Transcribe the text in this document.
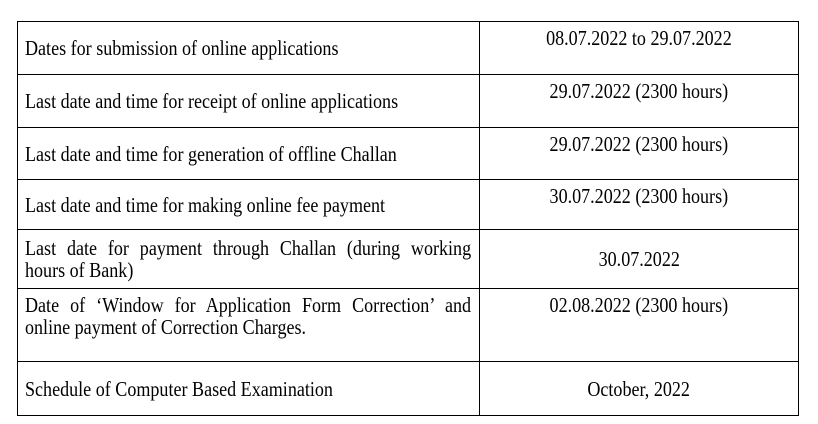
Dates for submission of online applications	08.07.2022 to 29.07.2022
Last date and time for receipt of online applications	29.07.2022 (2300 hours)
Last date and time for generation of offline Challan	29.07.2022 (2300 hours)
Last date and time for making online fee payment	30.07.2022 (2300 hours)

Last date for payment through Challan (during working hours of Bank)	30.07.2022

Date of ‘Window for Application Form Correction’ and online payment of Correction Charges.	02.08.2022 (2300 hours)
Schedule of Computer Based Examination	October, 2022
